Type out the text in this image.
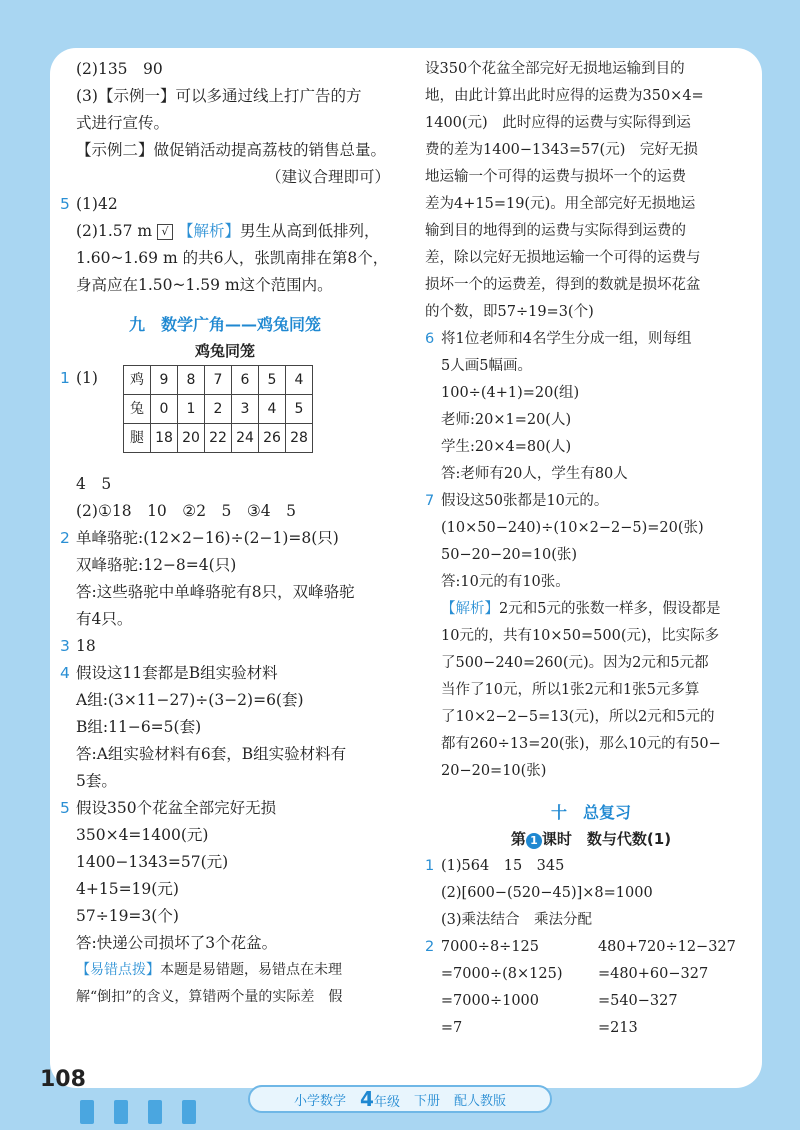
(2)135　90
(3)【示例一】可以多通过线上打广告的方
式进行宣传。
【示例二】做促销活动提高荔枝的销售总量。
（建议合理即可）
5 (1)42
(2)1.57 m √ 【解析】男生从高到低排列，
1.60~1.69 m 的共6人，张凯南排在第8个，
身高应在1.50~1.59 m这个范围内。
九　数学广角——鸡兔同笼
鸡兔同笼
1 (1) 鸡	9	8	7	6	5	4
兔	0	1	2	3	4	5
腿	18	20	22	24	26	28
4　5
(2)①18　10　②2　5　③4　5
2 单峰骆驼:(12×2−16)÷(2−1)=8(只)
双峰骆驼:12−8=4(只)
答:这些骆驼中单峰骆驼有8只，双峰骆驼
有4只。
3 18
4 假设这11套都是B组实验材料
A组:(3×11−27)÷(3−2)=6(套)
B组:11−6=5(套)
答:A组实验材料有6套，B组实验材料有
5套。
5 假设350个花盆全部完好无损
350×4=1400(元)
1400−1343=57(元)
4+15=19(元)
57÷19=3(个)
答:快递公司损坏了3个花盆。
【易错点拨】本题是易错题，易错点在未理
解“倒扣”的含义，算错两个量的实际差　假
设350个花盆全部完好无损地运输到目的
地，由此计算出此时应得的运费为350×4=
1400(元)　此时应得的运费与实际得到运
费的差为1400−1343=57(元)　完好无损
地运输一个可得的运费与损坏一个的运费
差为4+15=19(元)。用全部完好无损地运
输到目的地得到的运费与实际得到运费的
差，除以完好无损地运输一个可得的运费与
损坏一个的运费差，得到的数就是损坏花盆
的个数，即57÷19=3(个)
6 将1位老师和4名学生分成一组，则每组
5人画5幅画。
100÷(4+1)=20(组)
老师:20×1=20(人)
学生:20×4=80(人)
答:老师有20人，学生有80人
7 假设这50张都是10元的。
(10×50−240)÷(10×2−2−5)=20(张)
50−20−20=10(张)
答:10元的有10张。
【解析】2元和5元的张数一样多，假设都是
10元的，共有10×50=500(元)，比实际多
了500−240=260(元)。因为2元和5元都
当作了10元，所以1张2元和1张5元多算
了10×2−2−5=13(元)，所以2元和5元的
都有260÷13=20(张)，那么10元的有50−
20−20=10(张)
十　总复习
第 1 课时　数与代数(1)
1 (1)564　15　345
(2)[600−(520−45)]×8=1000
(3)乘法结合　乘法分配
2 7000÷8÷125	480+720÷12−327
=7000÷(8×125)	=480+60−327
=7000÷1000	=540−327
=7	=213
108
小学数学 4年级 下册 配人教版
